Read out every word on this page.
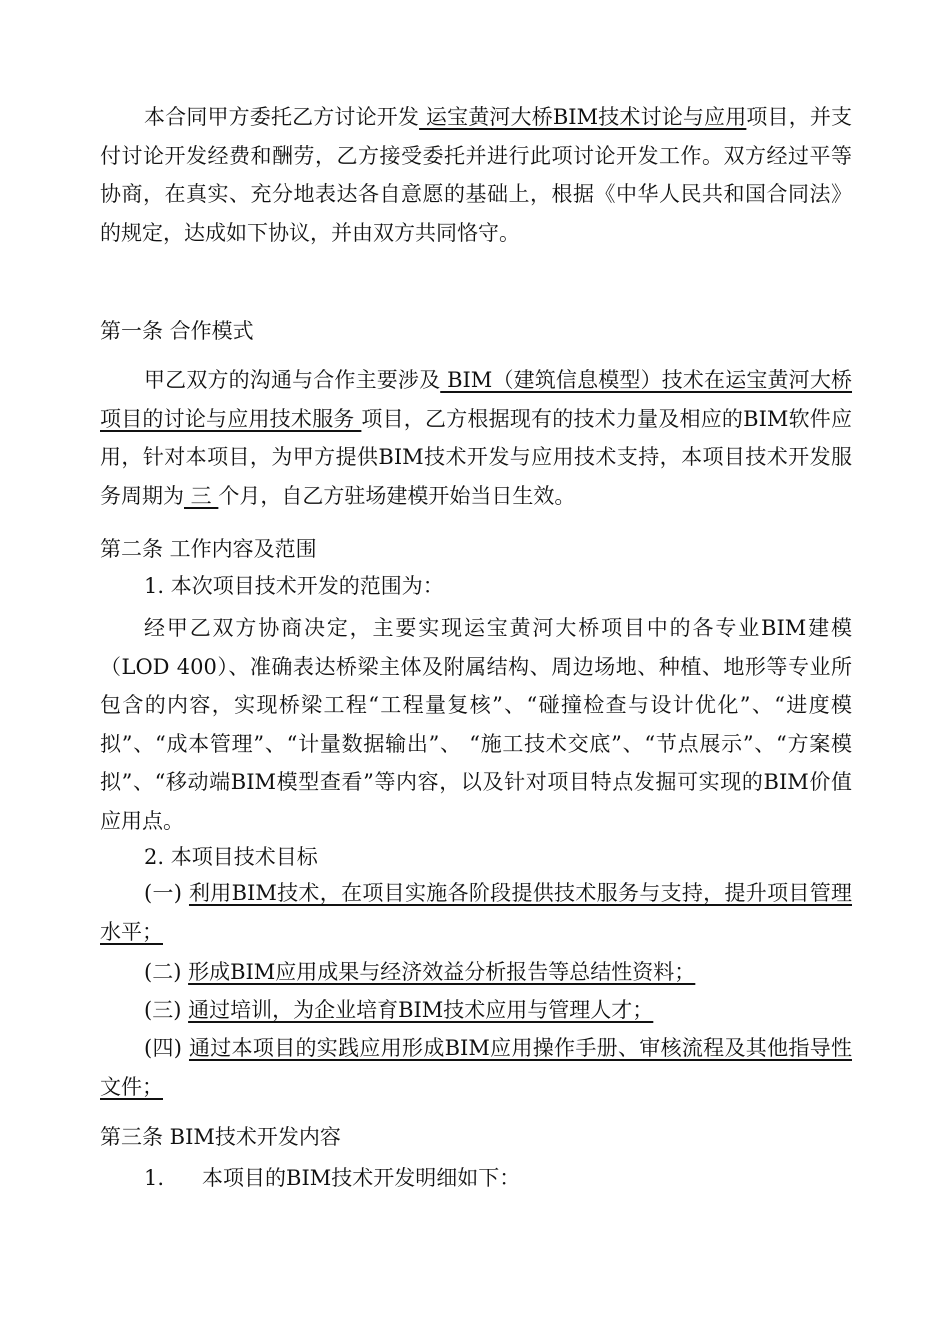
本合同甲方委托乙方讨论开发 运宝黄河大桥BIM技术讨论与应用项目，并支付讨论开发经费和酬劳，乙方接受委托并进行此项讨论开发工作。双方经过平等协商，在真实、充分地表达各自意愿的基础上，根据《中华人民共和国合同法》的规定，达成如下协议，并由双方共同恪守。

第一条 合作模式

甲乙双方的沟通与合作主要涉及 BIM（建筑信息模型）技术在运宝黄河大桥项目的讨论与应用技术服务 项目，乙方根据现有的技术力量及相应的BIM软件应用，针对本项目，为甲方提供BIM技术开发与应用技术支持，本项目技术开发服务周期为 三 个月，自乙方驻场建模开始当日生效。

第二条 工作内容及范围

1. 本次项目技术开发的范围为：

经甲乙双方协商决定，主要实现运宝黄河大桥项目中的各专业BIM建模（LOD 400）、准确表达桥梁主体及附属结构、周边场地、种植、地形等专业所包含的内容，实现桥梁工程“工程量复核”、“碰撞检查与设计优化”、“进度模拟”、“成本管理”、“计量数据输出”、 “施工技术交底”、“节点展示”、“方案模拟”、“移动端BIM模型查看”等内容，以及针对项目特点发掘可实现的BIM价值应用点。

2. 本项目技术目标

(一) 利用BIM技术，在项目实施各阶段提供技术服务与支持，提升项目管理水平；

(二) 形成BIM应用成果与经济效益分析报告等总结性资料；

(三) 通过培训，为企业培育BIM技术应用与管理人才；

(四) 通过本项目的实践应用形成BIM应用操作手册、审核流程及其他指导性文件；

第三条 BIM技术开发内容

1. 本项目的BIM技术开发明细如下：
